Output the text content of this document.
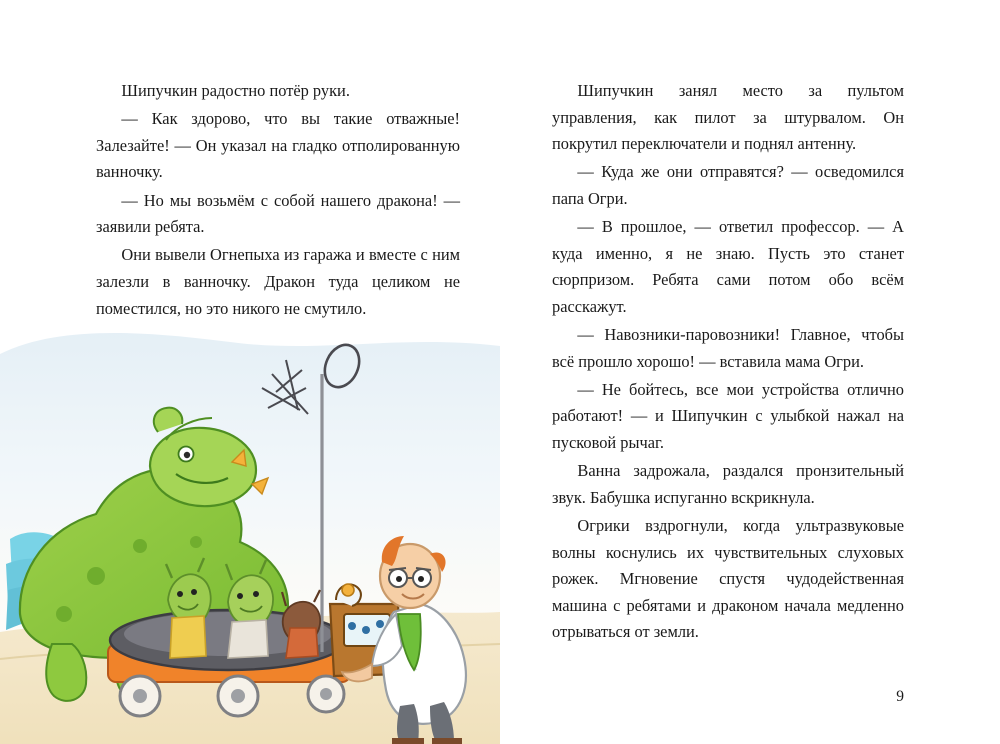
Шипучкин радостно потёр руки.

— Как здорово, что вы такие отважные! Залезайте! — Он указал на гладко отполированную ванночку.

— Но мы возьмём с собой нашего дракона! — заявили ребята.

Они вывели Огнепыха из гаража и вместе с ним залезли в ванночку. Дракон туда целиком не поместился, но это никого не смутило.

Шипучкин занял место за пультом управления, как пилот за штурвалом. Он покрутил переключатели и поднял антенну.

— Куда же они отправятся? — осведомился папа Огри.

— В прошлое, — ответил профессор. — А куда именно, я не знаю. Пусть это станет сюрпризом. Ребята сами потом обо всём расскажут.

— Навозники-паровозники! Главное, чтобы всё прошло хорошо! — вставила мама Огри.

— Не бойтесь, все мои устройства отлично работают! — и Шипучкин с улыбкой нажал на пусковой рычаг.

Ванна задрожала, раздался пронзительный звук. Бабушка испуганно вскрикнула.

Огрики вздрогнули, когда ультразвуковые волны коснулись их чувствительных слуховых рожек. Мгновение спустя чудодейственная машина с ребятами и драконом начала медленно отрываться от земли.

9
